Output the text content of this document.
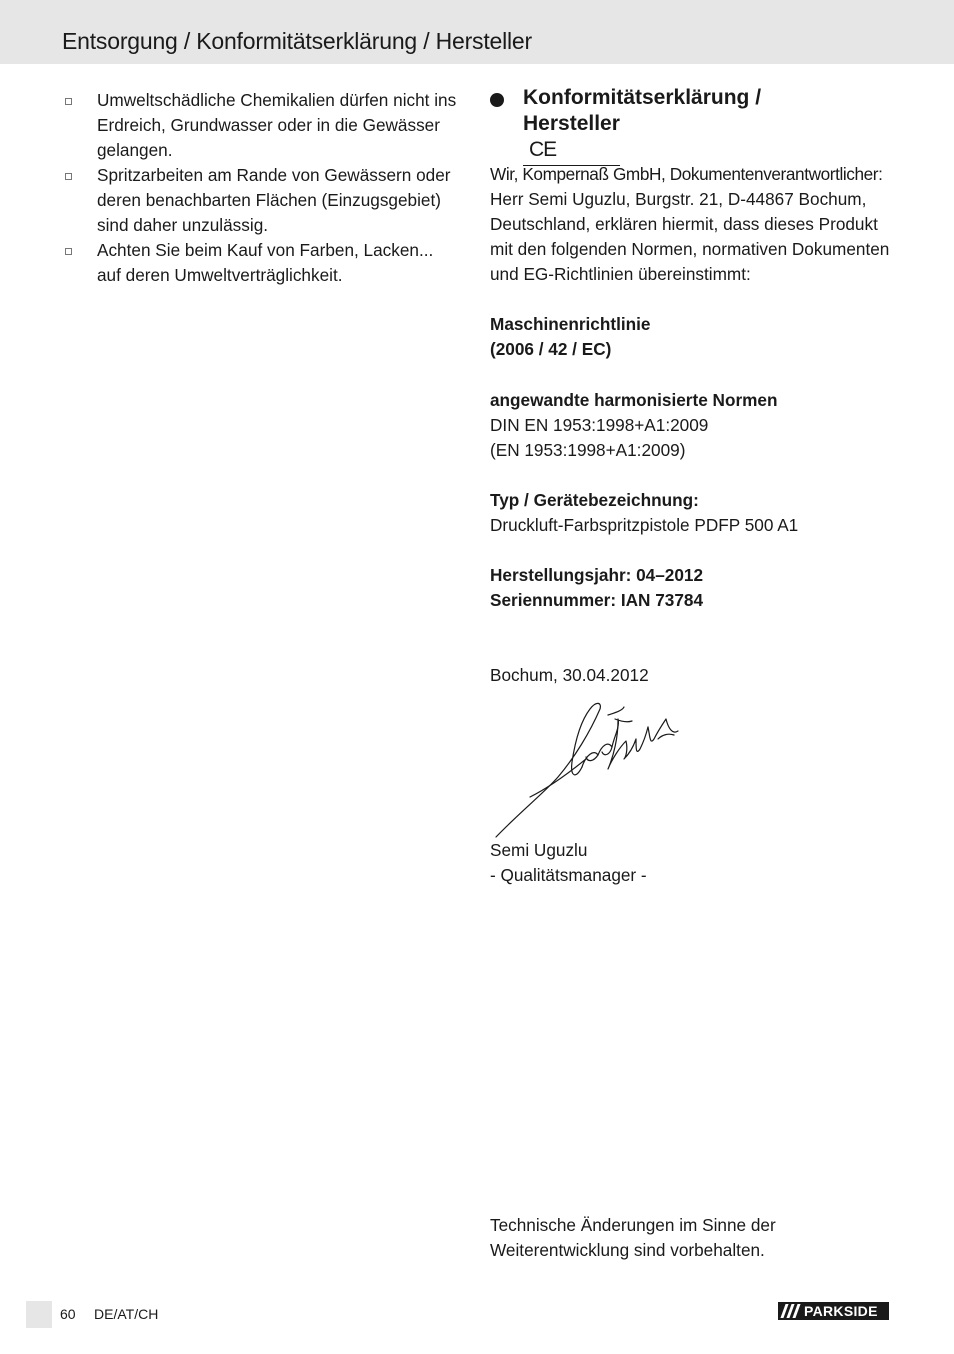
Entsorgung / Konformitätserklärung / Hersteller
Umweltschädliche Chemikalien dürfen nicht ins
Erdreich, Grundwasser oder in die Gewässer
gelangen.
Spritzarbeiten am Rande von Gewässern oder
deren benachbarten Flächen (Einzugsgebiet)
sind daher unzulässig.
Achten Sie beim Kauf von Farben, Lacken...
auf deren Umweltverträglichkeit.
Konformitätserklärung /
Hersteller
CE

Wir, Kompernaß GmbH, Dokumentenverantwortlicher:

Herr Semi Uguzlu, Burgstr. 21, D-44867 Bochum,

Deutschland, erklären hiermit, dass dieses Produkt

mit den folgenden Normen, normativen Dokumenten

und EG-Richtlinien übereinstimmt:

Maschinenrichtlinie

(2006 / 42 / EC)

angewandte harmonisierte Normen

DIN EN 1953:1998+A1:2009

(EN 1953:1998+A1:2009)

Typ / Gerätebezeichnung:

Druckluft-Farbspritzpistole PDFP 500 A1

Herstellungsjahr: 04–2012

Seriennummer: IAN 73784

Bochum, 30.04.2012

Semi Uguzlu

- Qualitätsmanager -

Technische Änderungen im Sinne der

Weiterentwicklung sind vorbehalten.

60 DE/AT/CH	PARKSIDE
